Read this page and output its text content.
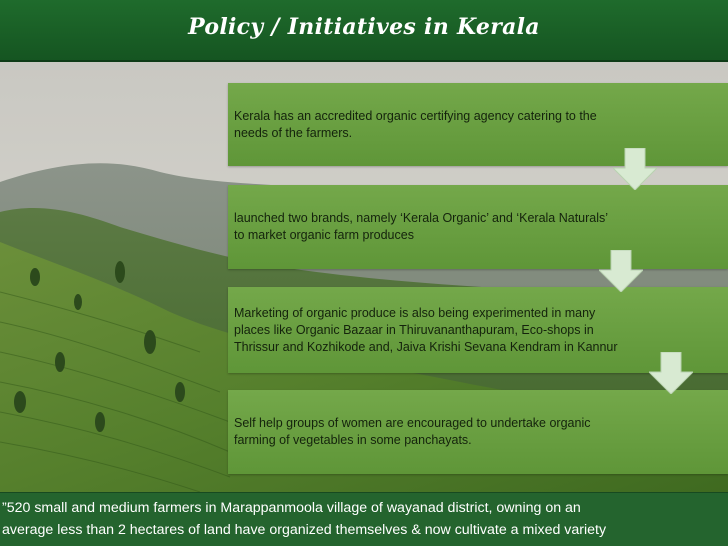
Policy / Initiatives in Kerala
Kerala has an accredited organic certifying agency catering to the needs of the farmers.
launched two brands, namely ‘Kerala Organic’ and ‘Kerala Naturals’ to market organic farm produces
Marketing of organic produce is also being experimented in many places like Organic Bazaar in Thiruvananthapuram, Eco-shops in Thrissur and Kozhikode and, Jaiva Krishi Sevana Kendram in Kannur
Self help groups of women are encouraged to undertake organic farming of vegetables in some panchayats.
”520 small and medium farmers in Marappanmoola village of wayanad district, owning on an
average less than 2 hectares of land have organized themselves & now cultivate a mixed variety
